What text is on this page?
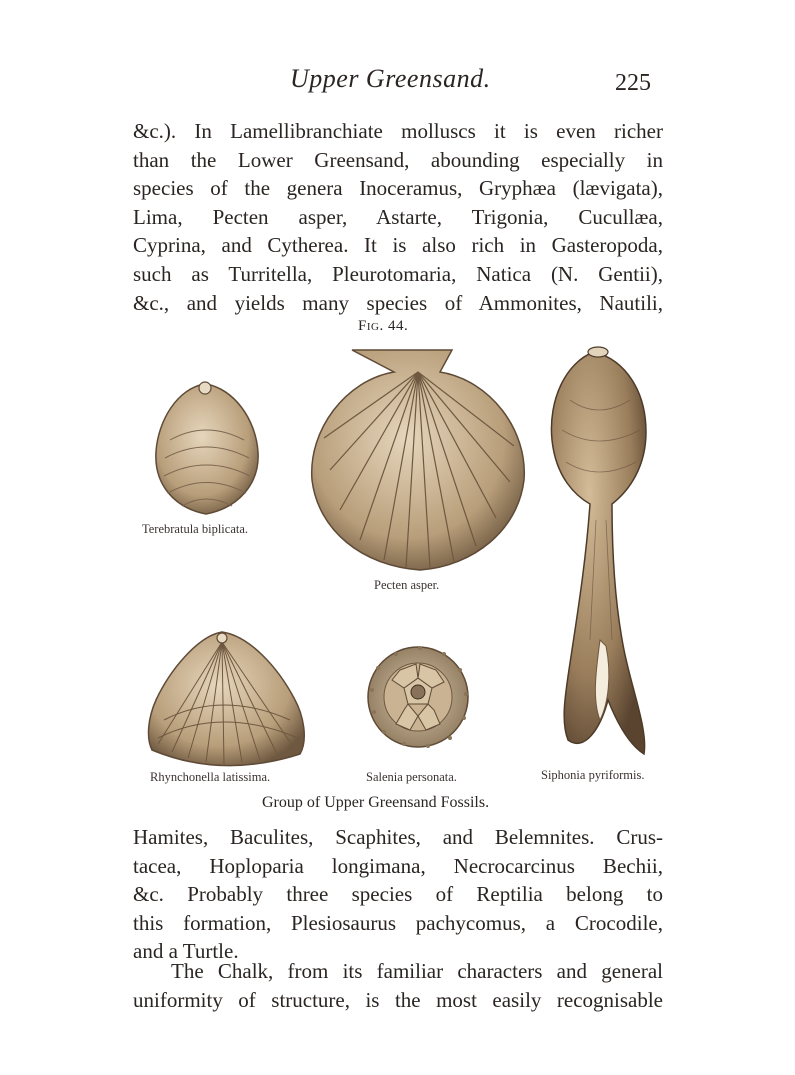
Upper Greensand.	225
&c.). In Lamellibranchiate molluscs it is even richer
than the Lower Greensand, abounding especially in
species of the genera Inoceramus, Gryphæa (lævigata),
Lima, Pecten asper, Astarte, Trigonia, Cucullæa,
Cyprina, and Cytherea. It is also rich in Gasteropoda,
such as Turritella, Pleurotomaria, Natica (N. Gentii),
&c., and yields many species of Ammonites, Nautili,
Fig. 44.
Terebratula biplicata.
Pecten asper.
Rhynchonella latissima.	Salenia personata.	Siphonia pyriformis.
Group of Upper Greensand Fossils.
Hamites, Baculites, Scaphites, and Belemnites. Crus-
tacea, Hoploparia longimana, Necrocarcinus Bechii,
&c. Probably three species of Reptilia belong to
this formation, Plesiosaurus pachycomus, a Crocodile,
and a Turtle.
The Chalk, from its familiar characters and general
uniformity of structure, is the most easily recognisable
